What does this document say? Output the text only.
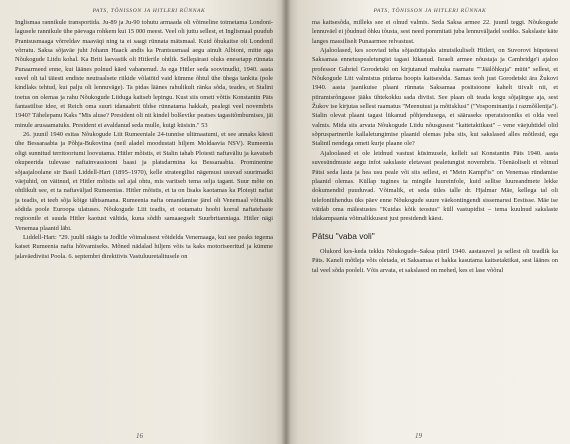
PATS, TÕNISSON JA HITLERI RÜNNAK

Inglismaa rannikule transportida. Ju-89 ja Ju-90 tohutu armaada oli võimeline toimetama Londoni-lagusele rannikule ühe päevaga rohkem kui 15 000 meest. Veel oli juttu sellest, et Inglismaal puudub Prantsusmaaga võrreldav maaväqi ning ta ei saagi rünnata mätsmaal. Kuid õhukaitse oli Londonil võrratu. Saksa sõjaväe juht Johann Haack andis ka Prantsusmaal aegu ainult Albioni, mitte aga Nõukogude Liidu kohal. Ka Briti laevastik oli Hitlerile ohtlik. Sellepärast oluks enesetapp rünnata Punaarmeed enne, kui läänes polnud käed vabanenud. Ja ega Hitler seda soovinudki, 1940. aasta suvel oli tal täiesti endiste neutraalsete riikide võlatöid vaid kümme õhtul ühe ühega tankita (pole kindlaks tehtud, kui palju oli lennuväge). Ta pidas läänes rahulikult ränka sõda, teades, et Stalini toetus on olemas ja rahu Nõukogude Liiduga kaitseb lepingu. Kust siis ometi võttis Konstantin Päts fantastilise idee, et Reich oma suuri idanaabrit üldse rünnatama hakkab, pealegi veel novembris 1940? Tähelepanu Kaks "Mis aluse? President oli nii kindel bolševike peatses tagasitõmbumises, jäi minule arusaamatuks. President ei avaldanud seda mulle, kuigi küsisin." 53

26. juunil 1940 esitas Nõukogude Liit Rumeeniale 24-tunnise ultimaatumi, et see annaks käesti ühe Bessaraabia ja Põhja-Bukoviina (neil aladel moodustati hiljem Moldaavia NSV). Rumeenia oligi sunnitud territooriumi loovutama. Hitler mõistis, et Stalin tahab Ploiesti naftaväliu ja kavatseb okupeerida tulevase naftainvassiooni baasi ja platsdarmina ka Bessaraabia. Prominentne sõjaajaloolane sir Basil Liddell-Hart (1895–1970), kelle strateegilisi nägemusi usuvad suurimadki väejuhid, on väitnud, et Hitler mõistis sel ajal ohtu, mis varitseb tema selja tagant. Suur mõte on ohtlikult see, et ta naftaväljad Rumeenias. Hitler mõistis, et ta on lisaks kaotamas ka Ploieşti naftat ja teadis, et teeb sõja kõige tähtsamana. Rumeenia nafta omandamise järel oli Venemaal võimalik sõdida poole Euroopa ulatuses. Nõukogude Liit teadis, et ootamatu hoobi korral naftatehaste regioonile ei suuda Hitler kaotust vältida, kuna sõdib samaaegselt Suurbritanniaga. Hitler nägi Venemaa plaanid läbi.

Liddell-Hart: "29. juulil räägis ta Jodlile võimalusest võidelda Venemaaga, kui see peaks tegema katset Rumeenia nafta hõivamiseks. Mõned nädalad hiljem võis ta kaks motoriseeritud ja kümme jalaväediviisi Poola. 6. septembri direktiivis Vastuluuretalitusele on

16
PATS, TÕNISSON JA HITLERI RÜNNAK

ma kaitsesõda, milleks see ei olnud valmis. Seda Saksa armee 22. juunil teggi. Nõukogude lennuväel ei jõudnud õhku tõusta, sest need pommitati juba lennuväljadel sodiks. Sakslaste käte langes massiliselt Punaarmee relvastust.

Ajaloolased, kes sooviad teha sõjasüütajaks ainuisikuliselt Hitleri, on Suvorovi hüpoteesi Saksamaa ennetuspealetungist tagasi lükanud. Israeli armee nõustaja ja Cambridge'i ajaloo professor Gabriel Gorodetski on kirjutanud mahuka raamatu ""Jäälõhkuja" müüt" sellest, et Nõukogude Liit valmistus pidama hoopis kaitsesõda. Samas teoh just Gorodetski ära Žukovi 1940. aasta jaanikuise plaani rünnata Saksamaa positsioone kahelt tiivalt nii, et piiramisrõngasse jääks ühtekokku sada diviisi. See plaan oli teada kogu sõjajärgse aja, sest Žukov ise kirjutas sellest raamatus "Meenutusi ja mõtisklusi" ("Vospominanija i razmõšlenija"). Stalin olevat plaani tagasi lükanud põhjendusega, et sääraseks operatsiooniks ei olda veel valmis. Mida siis arvata Nõukogude Liidu nõusgusest "kattetaktikast" – vene väejuhtidel olid sõpruspartnerile kallaletungimise plaanid olemas juba siis, kui sakslased alles mõtlesid, ega Stalinil nendega ometi kurje plaane ole?

Ajaloolased ei ole leidnud vastust küsimusele, kellelt sai Konstantin Päts 1940. aasta suvesündmuste aegu infot sakslaste eletavast pealetungist novembris. Tõenäoliselt ei võinud Pätsi seda lasta ja hea usu peale või siis sellest, et "Mein Kampf'is" on Venemaa ründamise plaanid olemas. Küllap tugines ta mingile luureinfole, kuid sellise luureandmete lekke dokumendid puuduvad. Võimalik, et seda ütles talle dr. Hjalmar Mäe, kellega tal oli telefoniühendus üks päev enne Nõukogude suure väekontingendi sissemarssi Eestisse. Mäe ise väidab oma mälestustes "Kuidas kõik teostus" küll vastupidist – tema kuulnud sakslaste idakampaania võimalikkusest just presidendi käest.

Pätsu "vaba voli"

Olukord kes-keda tekkis Nõukogude–Saksa piiril 1940. aastasuvel ja sellest oli teadlik ka Päts. Kaneli mõtleja võis oletada, et Saksamaa ei hakka kasutama kaitsetaktikat, sest läänes on tal veel sõda pooleli. Võis arvata, et sakslased on mehed, kes ei lase võõral

19
